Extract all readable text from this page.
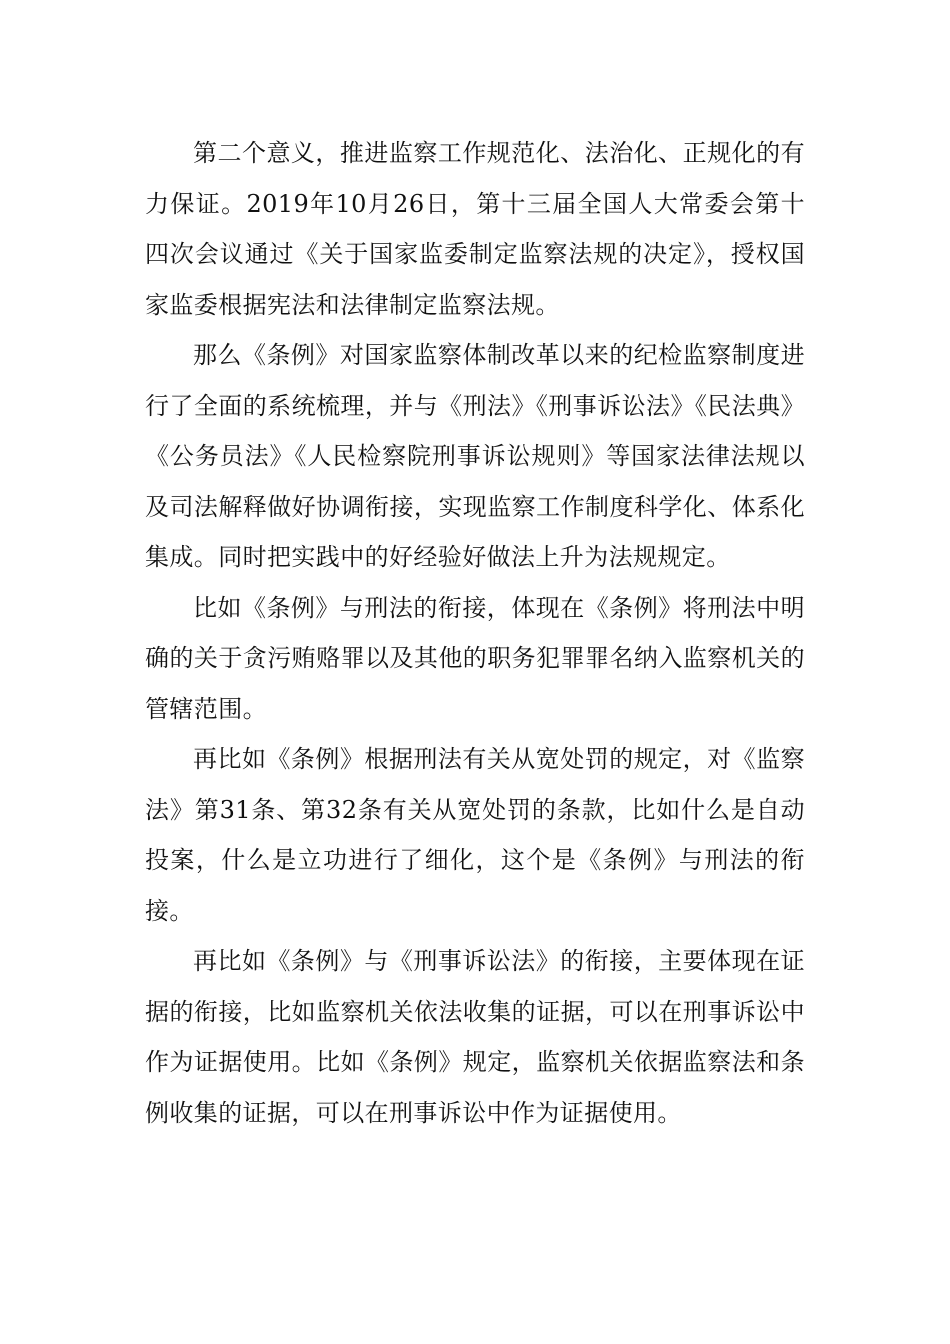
第二个意义，推进监察工作规范化、法治化、正规化的有力保证。2019年10月26日，第十三届全国人大常委会第十四次会议通过《关于国家监委制定监察法规的决定》，授权国家监委根据宪法和法律制定监察法规。

那么《条例》对国家监察体制改革以来的纪检监察制度进行了全面的系统梳理，并与《刑法》《刑事诉讼法》《民法典》《公务员法》《人民检察院刑事诉讼规则》等国家法律法规以及司法解释做好协调衔接，实现监察工作制度科学化、体系化集成。同时把实践中的好经验好做法上升为法规规定。

比如《条例》与刑法的衔接，体现在《条例》将刑法中明确的关于贪污贿赂罪以及其他的职务犯罪罪名纳入监察机关的管辖范围。

再比如《条例》根据刑法有关从宽处罚的规定，对《监察法》第31条、第32条有关从宽处罚的条款，比如什么是自动投案，什么是立功进行了细化，这个是《条例》与刑法的衔接。

再比如《条例》与《刑事诉讼法》的衔接，主要体现在证据的衔接，比如监察机关依法收集的证据，可以在刑事诉讼中作为证据使用。比如《条例》规定，监察机关依据监察法和条例收集的证据，可以在刑事诉讼中作为证据使用。
